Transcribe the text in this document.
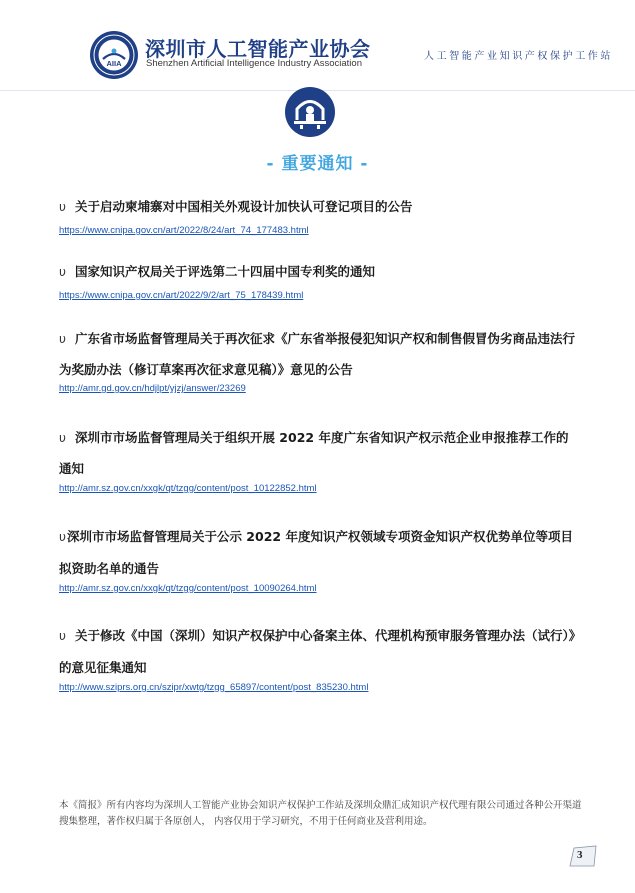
AIIA
深圳市人工智能产业协会
Shenzhen Artificial Intelligence Industry Association
人工智能产业知识产权保护工作站
- 重要通知 -
υ 关于启动柬埔寨对中国相关外观设计加快认可登记项目的公告
https://www.cnipa.gov.cn/art/2022/8/24/art_74_177483.html
υ 国家知识产权局关于评选第二十四届中国专利奖的通知
https://www.cnipa.gov.cn/art/2022/9/2/art_75_178439.html
υ 广东省市场监督管理局关于再次征求《广东省举报侵犯知识产权和制售假冒伪劣商品违法行
为奖励办法（修订草案再次征求意见稿）》意见的公告
http://amr.gd.gov.cn/hdjlpt/yjzj/answer/23269
υ 深圳市市场监督管理局关于组织开展 2022 年度广东省知识产权示范企业申报推荐工作的
通知
http://amr.sz.gov.cn/xxgk/qt/tzgg/content/post_10122852.html
υ深圳市市场监督管理局关于公示 2022 年度知识产权领域专项资金知识产权优势单位等项目
拟资助名单的通告
http://amr.sz.gov.cn/xxgk/qt/tzgg/content/post_10090264.html
υ 关于修改《中国（深圳）知识产权保护中心备案主体、代理机构预审服务管理办法（试行）》
的意见征集通知
http://www.sziprs.org.cn/szipr/xwtg/tzgg_65897/content/post_835230.html
本《简报》所有内容均为深圳人工智能产业协会知识产权保护工作站及深圳众鼎汇成知识产权代理有限公司通过各种公开渠道搜集整理，著作权归属于各原创人， 内容仅用于学习研究，不用于任何商业及营利用途。
3
